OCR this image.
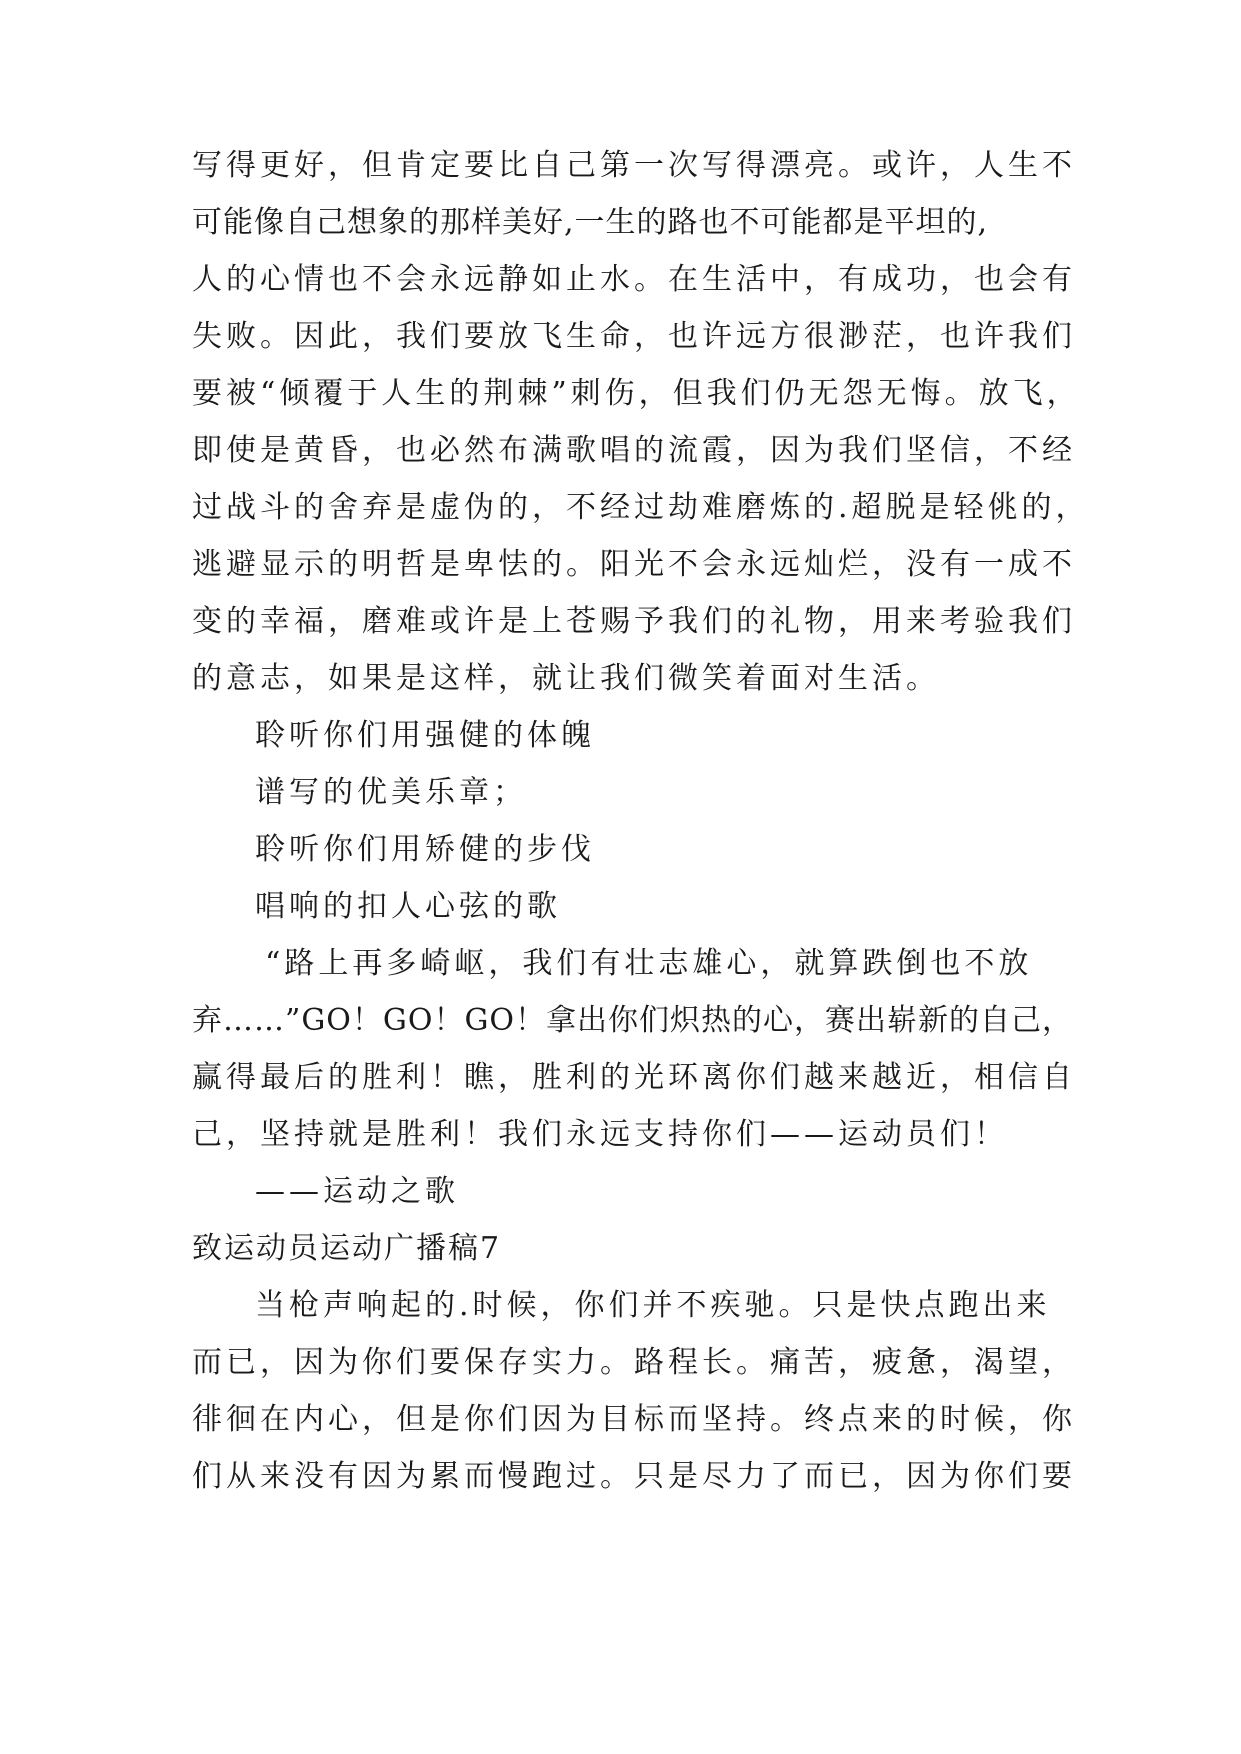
写得更好，但肯定要比自己第一次写得漂亮。或许，人生不

可能像自己想象的那样美好,一生的路也不可能都是平坦的,

人的心情也不会永远静如止水。在生活中，有成功，也会有

失败。因此，我们要放飞生命，也许远方很渺茫，也许我们

要被“倾覆于人生的荆棘”刺伤，但我们仍无怨无悔。放飞，

即使是黄昏，也必然布满歌唱的流霞，因为我们坚信，不经

过战斗的舍弃是虚伪的，不经过劫难磨炼的.超脱是轻佻的，

逃避显示的明哲是卑怯的。阳光不会永远灿烂，没有一成不

变的幸福，磨难或许是上苍赐予我们的礼物，用来考验我们

的意志，如果是这样，就让我们微笑着面对生活。

聆听你们用强健的体魄

谱写的优美乐章；

聆听你们用矫健的步伐

唱响的扣人心弦的歌

“路上再多崎岖，我们有壮志雄心，就算跌倒也不放

弃……”GO！GO！GO！拿出你们炽热的心，赛出崭新的自己，

赢得最后的胜利！瞧，胜利的光环离你们越来越近，相信自

己，坚持就是胜利！我们永远支持你们——运动员们！

——运动之歌

致运动员运动广播稿7

当枪声响起的.时候，你们并不疾驰。只是快点跑出来

而已，因为你们要保存实力。路程长。痛苦，疲惫，渴望，

徘徊在内心，但是你们因为目标而坚持。终点来的时候，你

们从来没有因为累而慢跑过。只是尽力了而已，因为你们要
